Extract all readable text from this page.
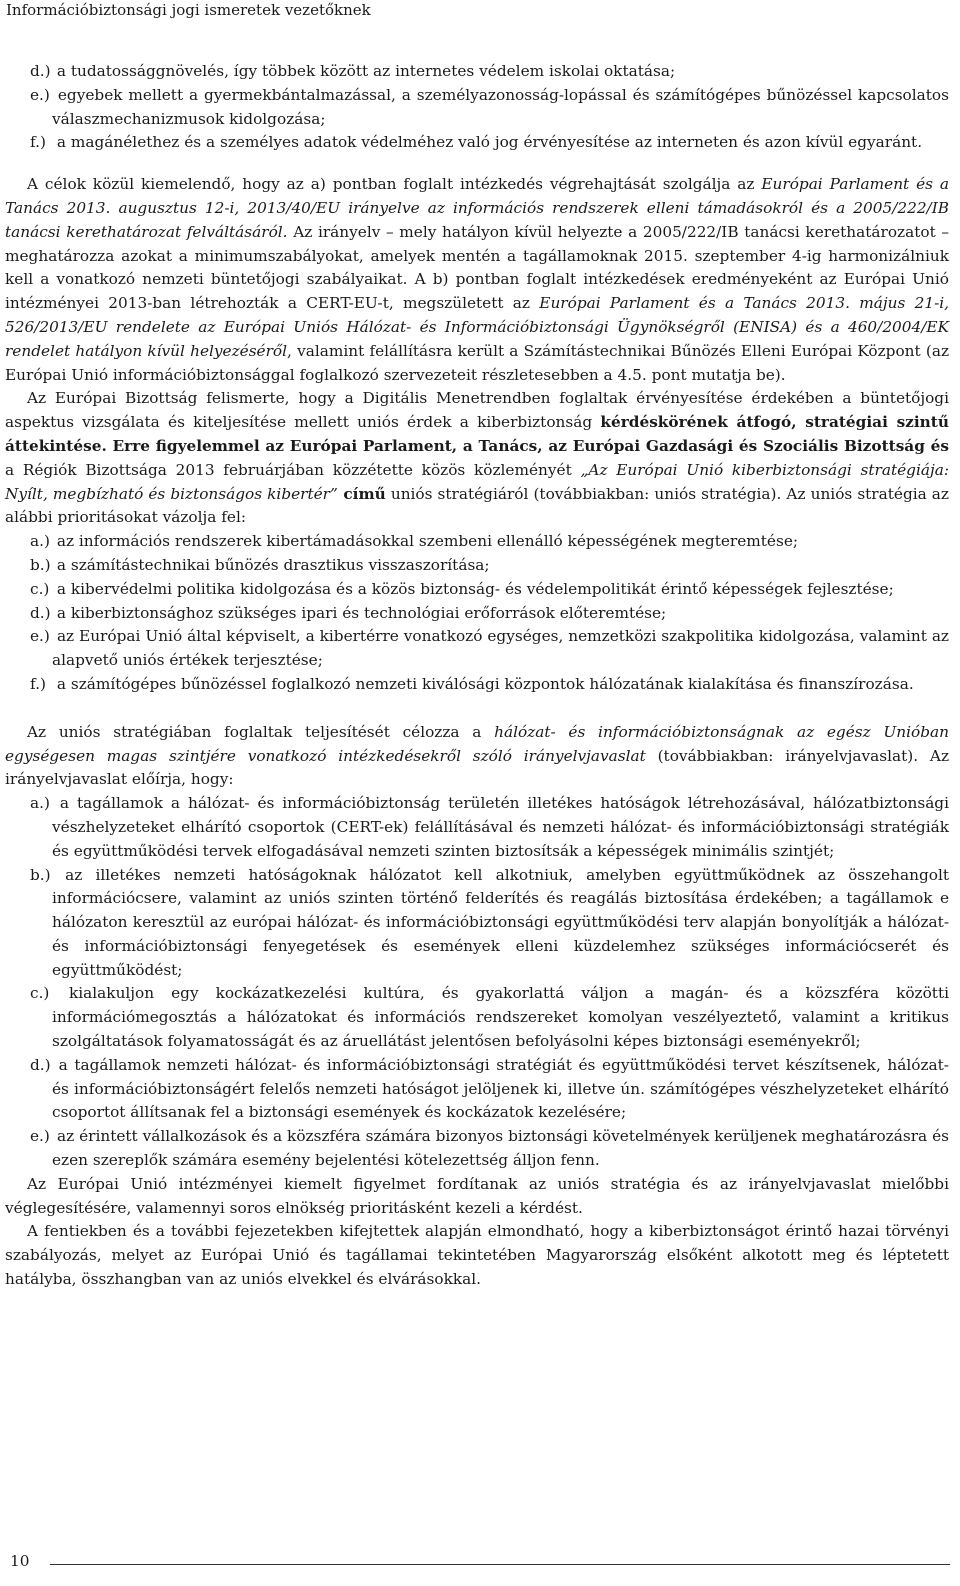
Információbiztonsági jogi ismeretek vezetőknek
d.) a tudatossággnövelés, így többek között az internetes védelem iskolai oktatása;
e.) egyebek mellett a gyermekbántalmazással, a személyazonosság-lopással és számítógépes bűnözéssel kapcsolatos válaszmechanizmusok kidolgozása;
f.) a magánélethez és a személyes adatok védelméhez való jog érvényesítése az interneten és azon kívül egyaránt.

A célok közül kiemelendő, hogy az a) pontban foglalt intézkedés végrehajtását szolgálja az Európai Parlament és a Tanács 2013. augusztus 12-i, 2013/40/EU irányelve az információs rendszerek elleni támadásokról és a 2005/222/IB tanácsi kerethatározat felváltásáról. Az irányelv – mely hatályon kívül helyezte a 2005/222/IB tanácsi kerethatározatot – meghatározza azokat a minimumszabályokat, amelyek mentén a tagállamoknak 2015. szeptember 4-ig harmonizálniuk kell a vonatkozó nemzeti büntetőjogi szabályaikat. A b) pontban foglalt intézkedések eredményeként az Európai Unió intézményei 2013-ban létrehozták a CERT-EU-t, megszületett az Európai Parlament és a Tanács 2013. május 21-i, 526/2013/EU rendelete az Európai Uniós Hálózat- és Információbiztonsági Ügynökségről (ENISA) és a 460/2004/EK rendelet hatályon kívül helyezéséről, valamint felállításra került a Számítástechnikai Bűnözés Elleni Európai Központ (az Európai Unió információbiztonsággal foglalkozó szervezeteit részletesebben a 4.5. pont mutatja be).

Az Európai Bizottság felismerte, hogy a Digitális Menetrendben foglaltak érvényesítése érdekében a büntetőjogi aspektus vizsgálata és kiteljesítése mellett uniós érdek a kiberbiztonság kérdéskörének átfogó, stratégiai szintű áttekintése. Erre figyelemmel az Európai Parlament, a Tanács, az Európai Gazdasági és Szociális Bizottság és a Régiók Bizottsága 2013 februárjában közzétette közös közleményét „Az Európai Unió kiberbiztonsági stratégiája: Nyílt, megbízható és biztonságos kibertér” című uniós stratégiáról (továbbiakban: uniós stratégia). Az uniós stratégia az alábbi prioritásokat vázolja fel:

a.) az információs rendszerek kibertámadásokkal szembeni ellenálló képességének megteremtése;
b.) a számítástechnikai bűnözés drasztikus visszaszorítása;
c.) a kibervédelmi politika kidolgozása és a közös biztonság- és védelempolitikát érintő képességek fejlesztése;
d.) a kiberbiztonsághoz szükséges ipari és technológiai erőforrások előteremtése;
e.) az Európai Unió által képviselt, a kibertérre vonatkozó egységes, nemzetközi szakpolitika kidolgozása, valamint az alapvető uniós értékek terjesztése;
f.) a számítógépes bűnözéssel foglalkozó nemzeti kiválósági központok hálózatának kialakítása és finanszírozása.

Az uniós stratégiában foglaltak teljesítését célozza a hálózat- és információbiztonságnak az egész Unióban egységesen magas szintjére vonatkozó intézkedésekről szóló irányelvjavaslat (továbbiakban: irányelvjavaslat). Az irányelvjavaslat előírja, hogy:

a.) a tagállamok a hálózat- és információbiztonság területén illetékes hatóságok létrehozásával, hálózatbiztonsági vészhelyzeteket elhárító csoportok (CERT-ek) felállításával és nemzeti hálózat- és információbiztonsági stratégiák és együttműködési tervek elfogadásával nemzeti szinten biztosítsák a képességek minimális szintjét;
b.) az illetékes nemzeti hatóságoknak hálózatot kell alkotniuk, amelyben együttműködnek az összehangolt információcsere, valamint az uniós szinten történő felderítés és reagálás biztosítása érdekében; a tagállamok e hálózaton keresztül az európai hálózat- és információbiztonsági együttműködési terv alapján bonyolítják a hálózat- és információbiztonsági fenyegetések és események elleni küzdelemhez szükséges információcserét és együttműködést;
c.) kialakuljon egy kockázatkezelési kultúra, és gyakorlattá váljon a magán- és a közszféra közötti információmegosztás a hálózatokat és információs rendszereket komolyan veszélyeztető, valamint a kritikus szolgáltatások folyamatosságát és az áruellátást jelentősen befolyásolni képes biztonsági eseményekről;
d.) a tagállamok nemzeti hálózat- és információbiztonsági stratégiát és együttműködési tervet készítsenek, hálózat- és információbiztonságért felelős nemzeti hatóságot jelöljenek ki, illetve ún. számítógépes vészhelyzeteket elhárító csoportot állítsanak fel a biztonsági események és kockázatok kezelésére;
e.) az érintett vállalkozások és a közszféra számára bizonyos biztonsági követelmények kerüljenek meghatározásra és ezen szereplők számára esemény bejelentési kötelezettség álljon fenn.

Az Európai Unió intézményei kiemelt figyelmet fordítanak az uniós stratégia és az irányelvjavaslat mielőbbi véglegesítésére, valamennyi soros elnökség prioritásként kezeli a kérdést.

A fentiekben és a további fejezetekben kifejtettek alapján elmondható, hogy a kiberbiztonságot érintő hazai törvényi szabályozás, melyet az Európai Unió és tagállamai tekintetében Magyarország elsőként alkotott meg és léptetett hatályba, összhangban van az uniós elvekkel és elvárásokkal.

10
